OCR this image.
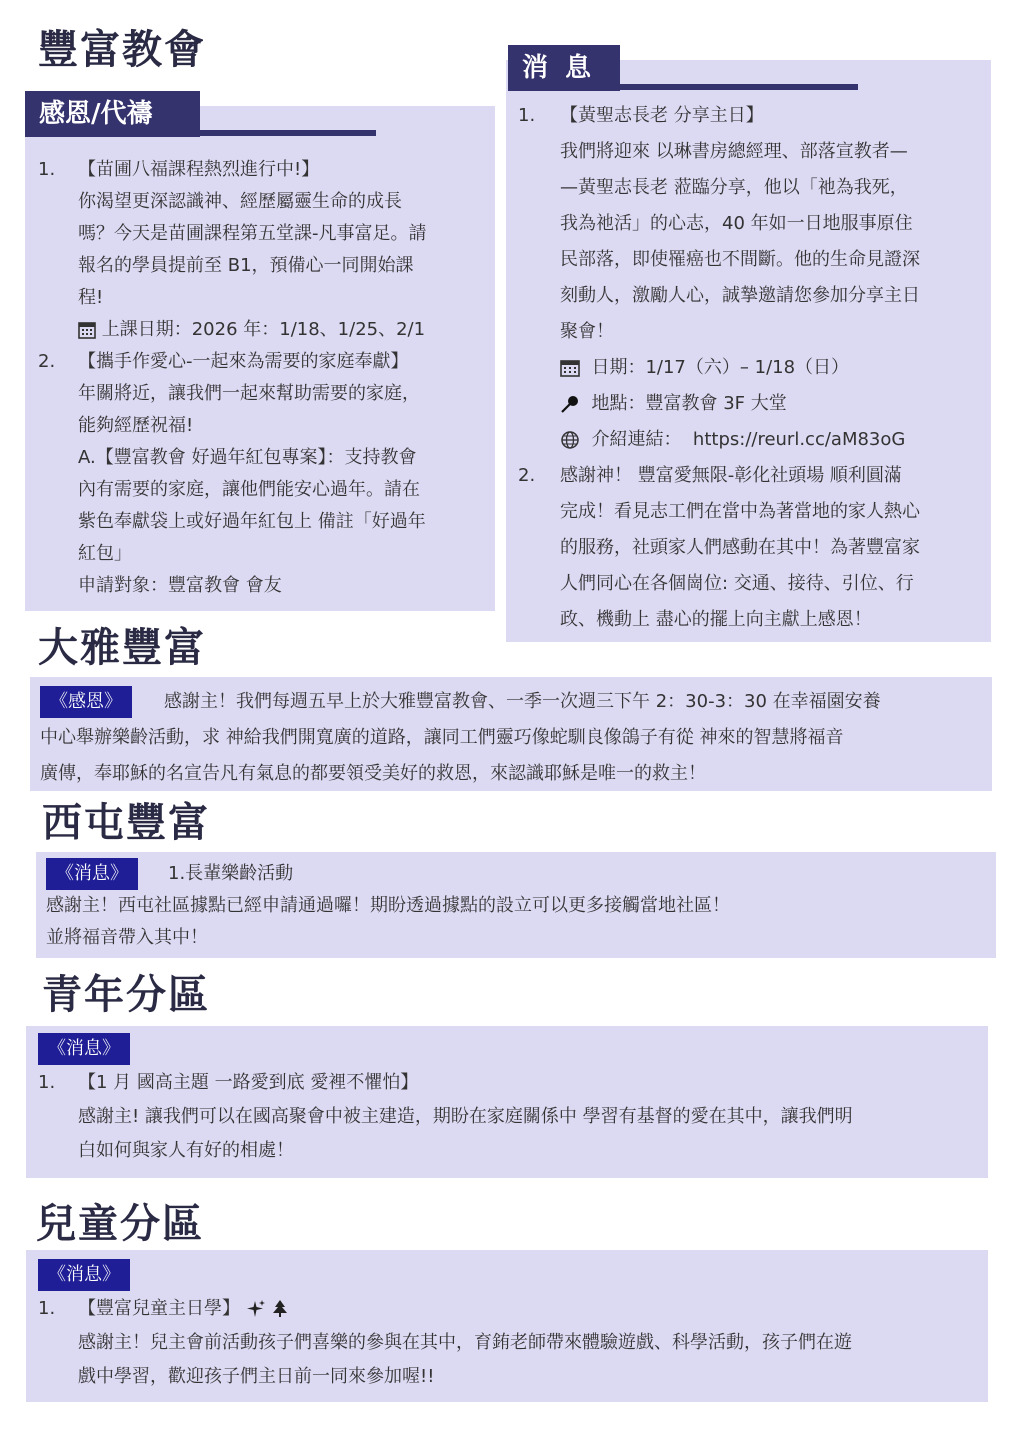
豐富教會
感恩/代禱
1.	【苗圃八福課程熱烈進行中!】
你渴望更深認識神、經歷屬靈生命的成長
嗎？今天是苗圃課程第五堂課-凡事富足。請
報名的學員提前至 B1，預備心一同開始課
程!
上課日期：2026 年：1/18、1/25、2/1
2.	【攜手作愛心-一起來為需要的家庭奉獻】
年關將近，讓我們一起來幫助需要的家庭，
能夠經歷祝福!
A.【豐富教會 好過年紅包專案】：支持教會
內有需要的家庭，讓他們能安心過年。請在
紫色奉獻袋上或好過年紅包上 備註「好過年
紅包」
申請對象：豐富教會 會友
消 息
1.	【黃聖志長老 分享主日】
我們將迎來 以琳書房總經理、部落宣教者—
—黃聖志長老 蒞臨分享，他以「祂為我死，
我為祂活」的心志，40 年如一日地服事原住
民部落，即使罹癌也不間斷。他的生命見證深
刻動人，激勵人心，誠摯邀請您參加分享主日
聚會！
日期：1/17（六）– 1/18（日）
地點：豐富教會 3F 大堂
介紹連結： https://reurl.cc/aM83oG
2.	感謝神！ 豐富愛無限-彰化社頭場 順利圓滿
完成！看見志工們在當中為著當地的家人熱心
的服務，社頭家人們感動在其中！為著豐富家
人們同心在各個崗位: 交通、接待、引位、行
政、機動上 盡心的擺上向主獻上感恩！
大雅豐富
《感恩》 感謝主！我們每週五早上於大雅豐富教會、一季一次週三下午 2：30-3：30 在幸福園安養
中心舉辦樂齡活動，求 神給我們開寬廣的道路，讓同工們靈巧像蛇馴良像鴿子有從 神來的智慧將福音
廣傳，奉耶穌的名宣告凡有氣息的都要領受美好的救恩，來認識耶穌是唯一的救主！
西屯豐富
《消息》 1.長輩樂齡活動
感謝主！西屯社區據點已經申請通過囉！期盼透過據點的設立可以更多接觸當地社區！
並將福音帶入其中！
青年分區
《消息》
1.	【1 月 國高主題 一路愛到底 愛裡不懼怕】
感謝主! 讓我們可以在國高聚會中被主建造，期盼在家庭關係中 學習有基督的愛在其中，讓我們明
白如何與家人有好的相處！
兒童分區
《消息》
1.	【豐富兒童主日學】
感謝主！兒主會前活動孩子們喜樂的參與在其中，育銪老師帶來體驗遊戲、科學活動，孩子們在遊
戲中學習，歡迎孩子們主日前一同來參加喔!!
